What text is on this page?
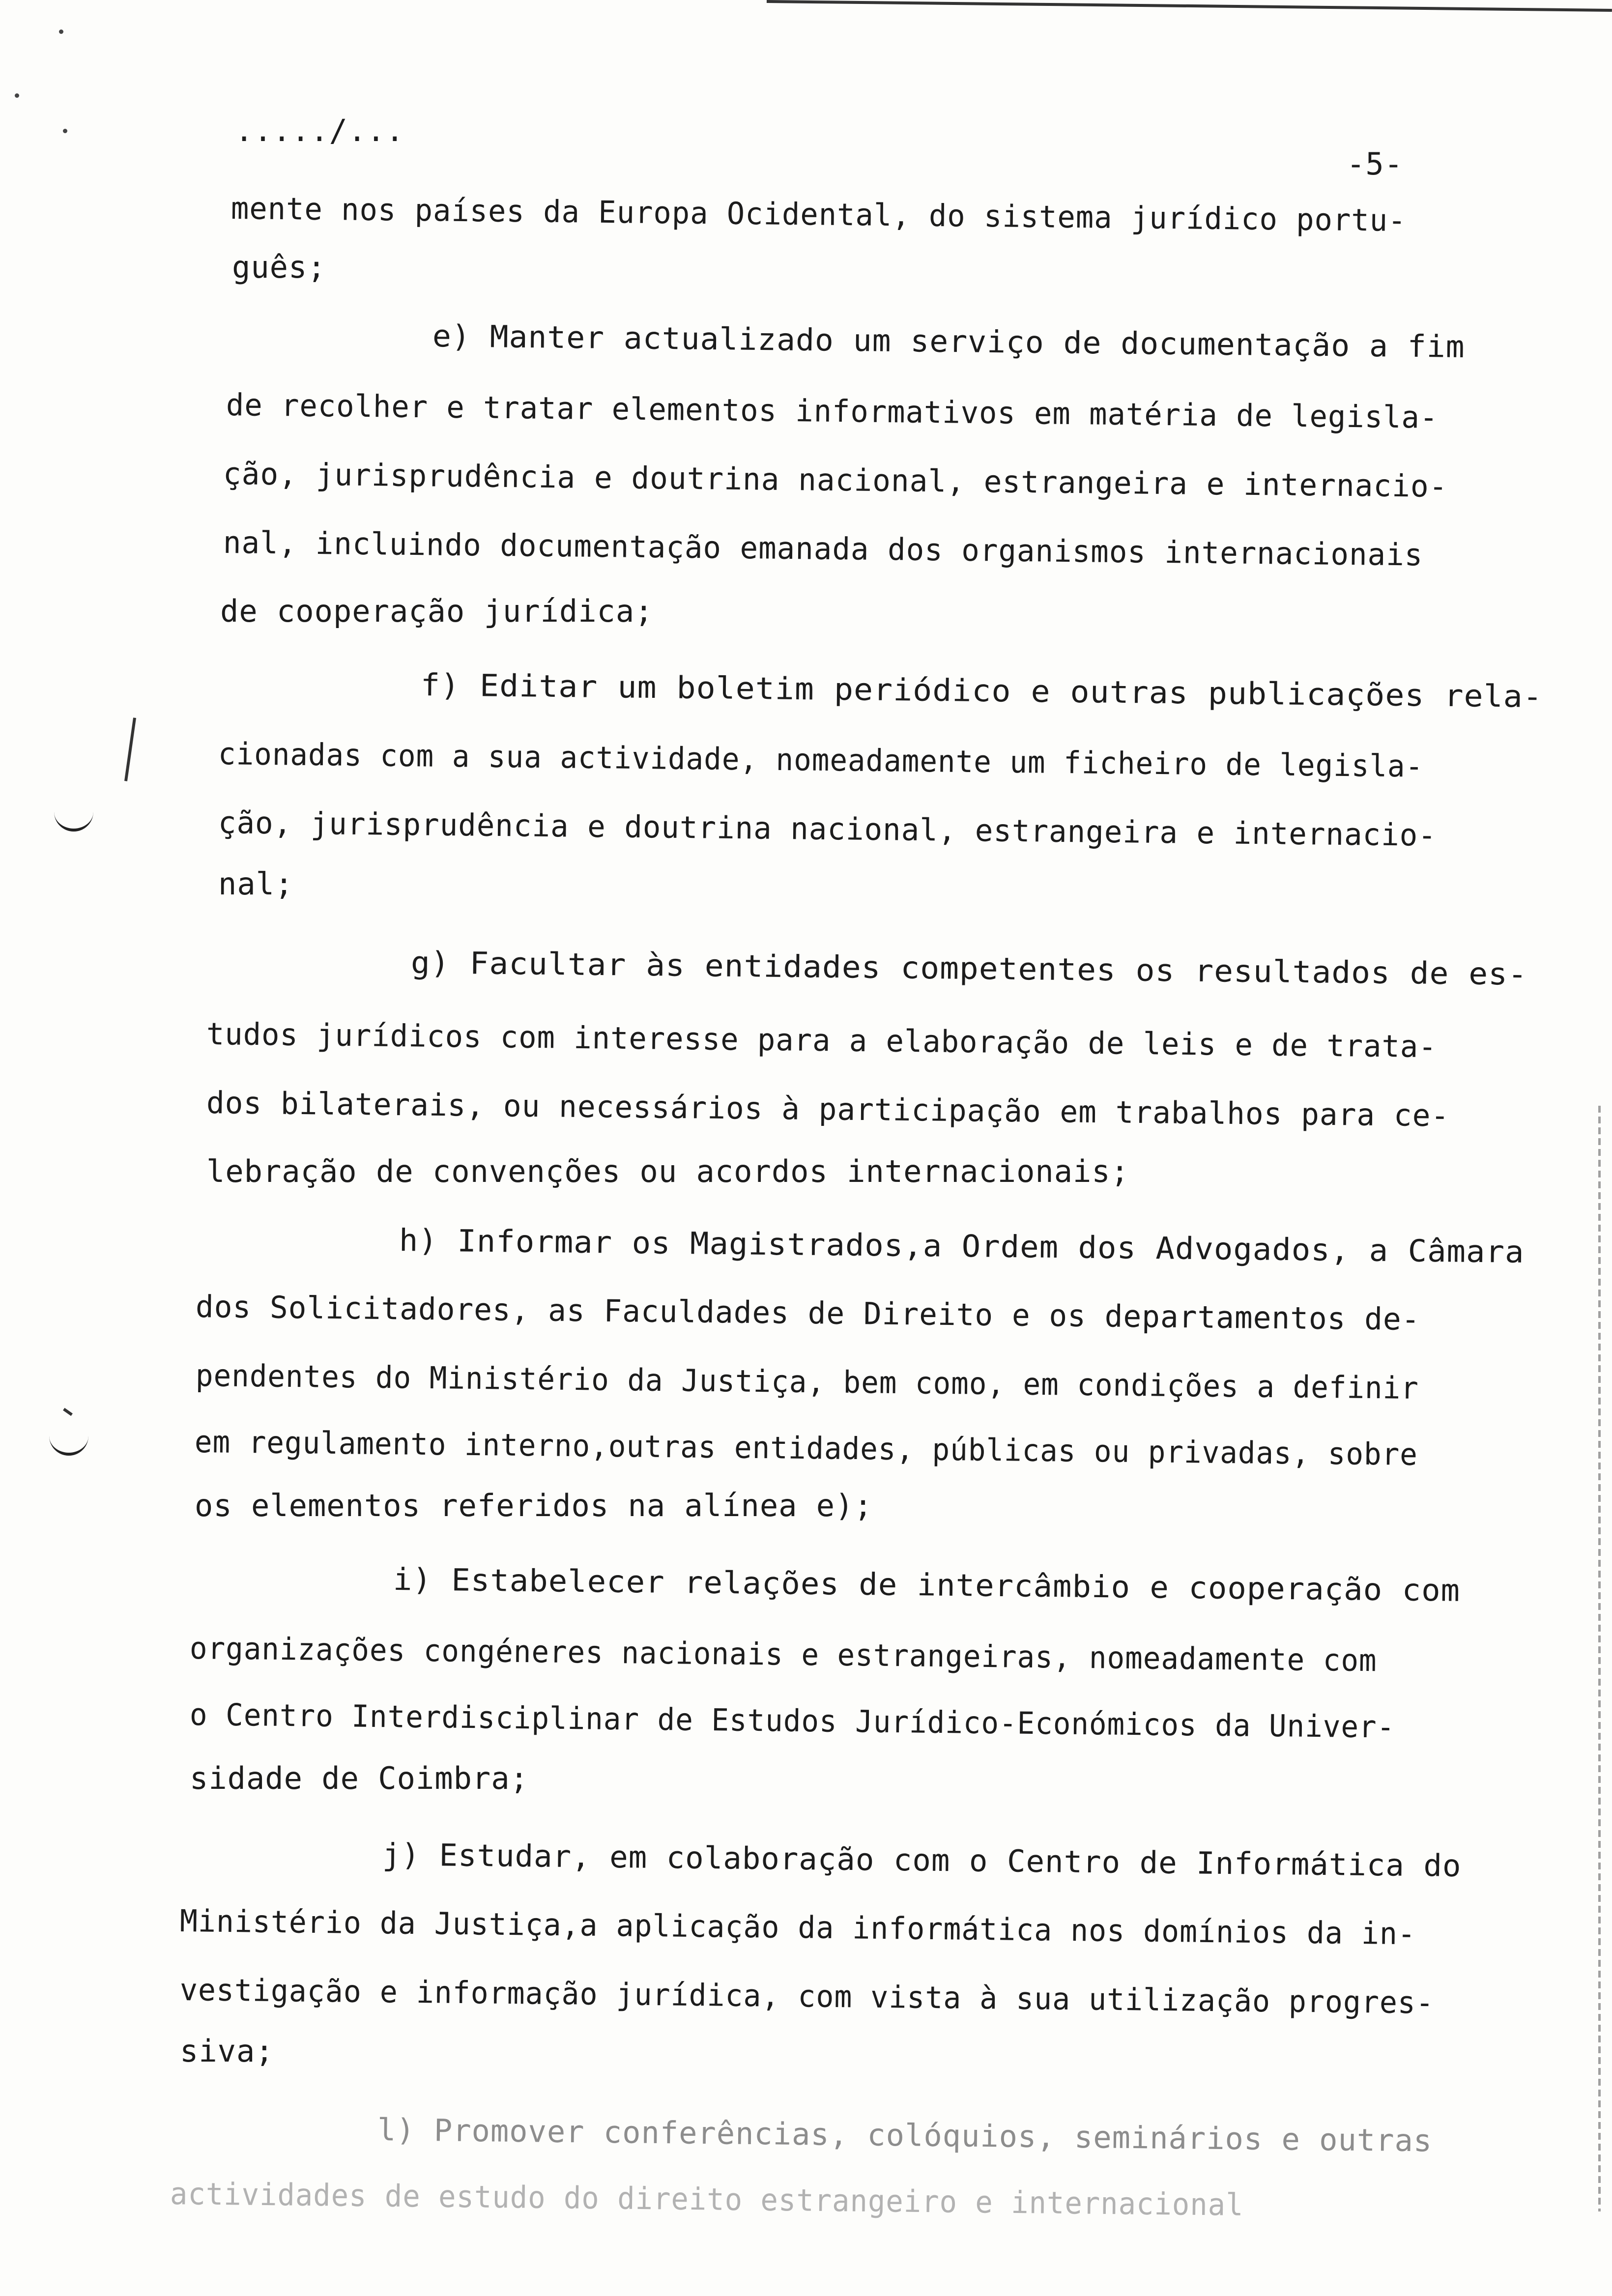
...../...
-5-
mente nos países da Europa Ocidental, do sistema jurídico portu-
guês;
e) Manter actualizado um serviço de documentação a fim
de recolher e tratar elementos informativos em matéria de legisla-
ção, jurisprudência e doutrina nacional, estrangeira e internacio-
nal, incluindo documentação emanada dos organismos internacionais
de cooperação jurídica;
f) Editar um boletim periódico e outras publicações rela-
cionadas com a sua actividade, nomeadamente um ficheiro de legisla-
ção, jurisprudência e doutrina nacional, estrangeira e internacio-
nal;
g) Facultar às entidades competentes os resultados de es-
tudos jurídicos com interesse para a elaboração de leis e de trata-
dos bilaterais, ou necessários à participação em trabalhos para ce-
lebração de convenções ou acordos internacionais;
h) Informar os Magistrados,a Ordem dos Advogados, a Câmara
dos Solicitadores, as Faculdades de Direito e os departamentos de-
pendentes do Ministério da Justiça, bem como, em condições a definir
em regulamento interno,outras entidades, públicas ou privadas, sobre
os elementos referidos na alínea e);
i) Estabelecer relações de intercâmbio e cooperação com
organizações congéneres nacionais e estrangeiras, nomeadamente com
o Centro Interdisciplinar de Estudos Jurídico-Económicos da Univer-
sidade de Coimbra;
j) Estudar, em colaboração com o Centro de Informática do
Ministério da Justiça,a aplicação da informática nos domínios da in-
vestigação e informação jurídica, com vista à sua utilização progres-
siva;
l) Promover conferências, colóquios, seminários e outras
actividades de estudo do direito estrangeiro e internacional
